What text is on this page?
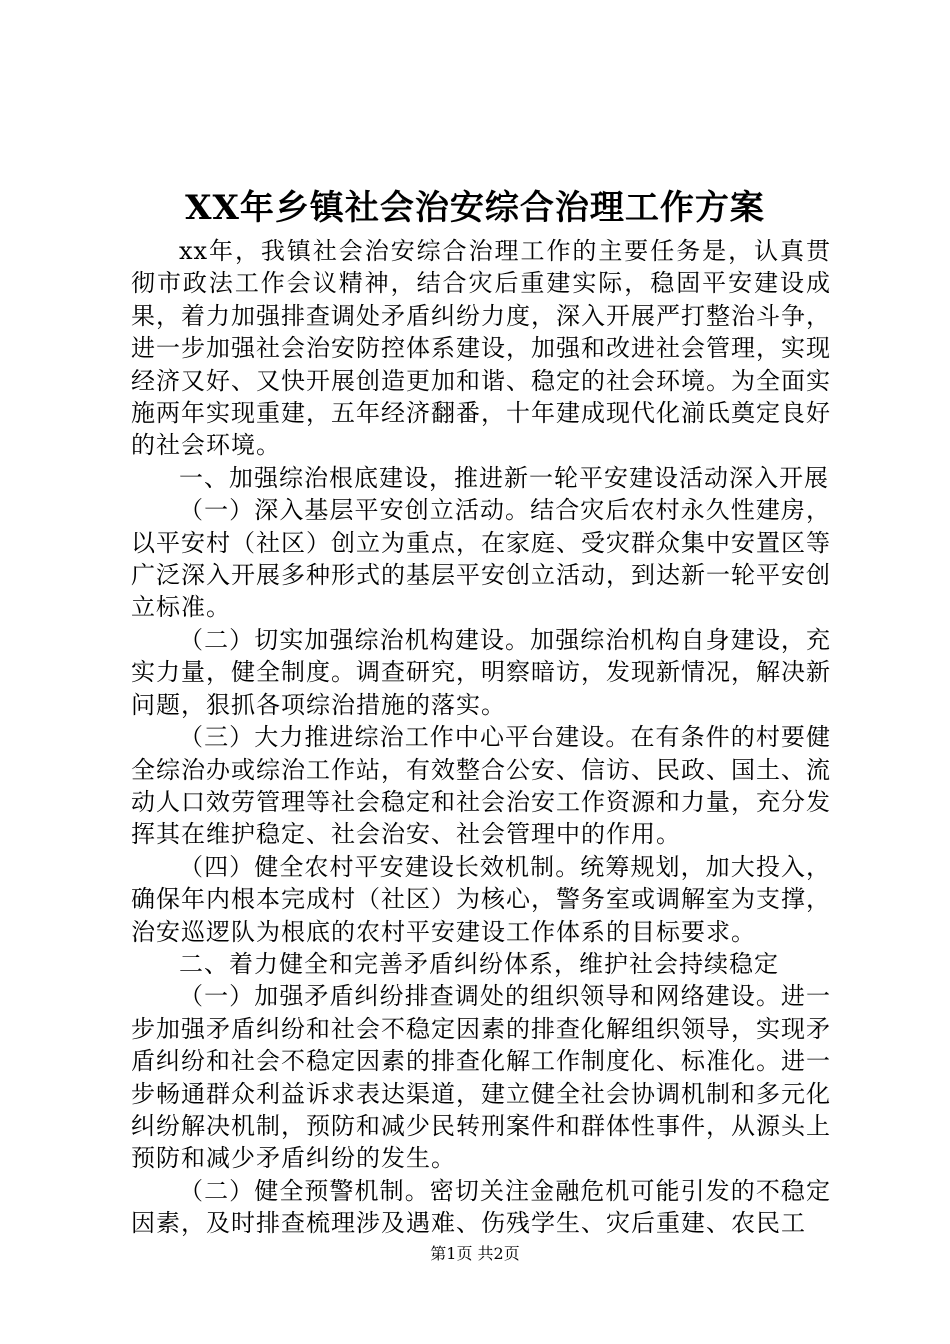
XX年乡镇社会治安综合治理工作方案

xx年，我镇社会治安综合治理工作的主要任务是，认真贯彻市政法工作会议精神，结合灾后重建实际，稳固平安建设成果，着力加强排查调处矛盾纠纷力度，深入开展严打整治斗争，进一步加强社会治安防控体系建设，加强和改进社会管理，实现经济又好、又快开展创造更加和谐、稳定的社会环境。为全面实施两年实现重建，五年经济翻番，十年建成现代化湔氐奠定良好的社会环境。

一、加强综治根底建设，推进新一轮平安建设活动深入开展

（一）深入基层平安创立活动。结合灾后农村永久性建房，以平安村（社区）创立为重点，在家庭、受灾群众集中安置区等广泛深入开展多种形式的基层平安创立活动，到达新一轮平安创立标准。

（二）切实加强综治机构建设。加强综治机构自身建设，充实力量，健全制度。调查研究，明察暗访，发现新情况，解决新问题，狠抓各项综治措施的落实。

（三）大力推进综治工作中心平台建设。在有条件的村要健全综治办或综治工作站，有效整合公安、信访、民政、国土、流动人口效劳管理等社会稳定和社会治安工作资源和力量，充分发挥其在维护稳定、社会治安、社会管理中的作用。

（四）健全农村平安建设长效机制。统筹规划，加大投入，确保年内根本完成村（社区）为核心，警务室或调解室为支撑，治安巡逻队为根底的农村平安建设工作体系的目标要求。

二、着力健全和完善矛盾纠纷体系，维护社会持续稳定

（一）加强矛盾纠纷排查调处的组织领导和网络建设。进一步加强矛盾纠纷和社会不稳定因素的排查化解组织领导，实现矛盾纠纷和社会不稳定因素的排查化解工作制度化、标准化。进一步畅通群众利益诉求表达渠道，建立健全社会协调机制和多元化纠纷解决机制，预防和减少民转刑案件和群体性事件，从源头上预防和减少矛盾纠纷的发生。

（二）健全预警机制。密切关注金融危机可能引发的不稳定因素，及时排查梳理涉及遇难、伤残学生、灾后重建、农民工

第1页 共2页
